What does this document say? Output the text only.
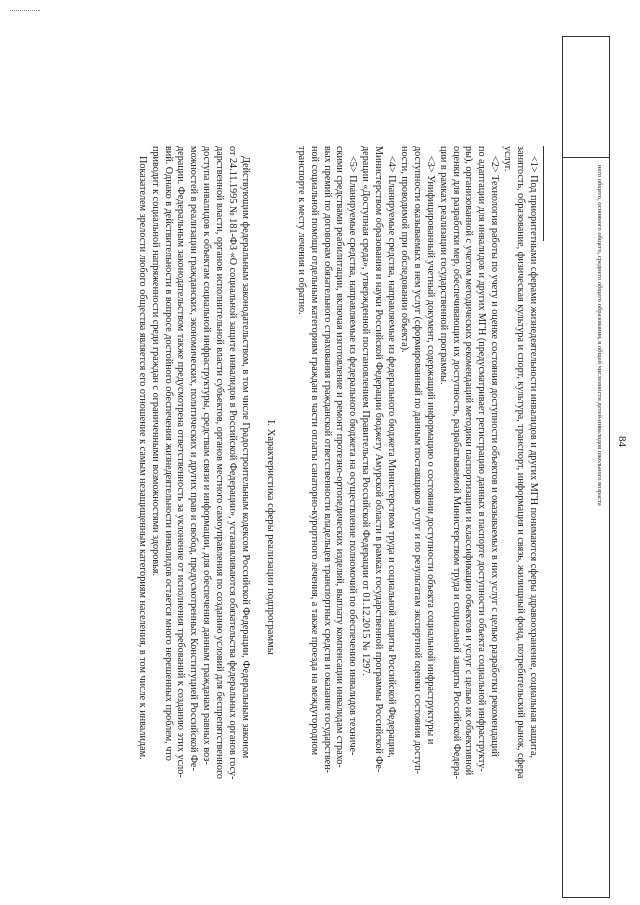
84
него общего, основного общего, среднего общего образования, в общей численности детей-инвалидов школьного возраста
<1> Под приоритетными сферами жизнедеятельности инвалидов и других МГН понимаются сферы здравоохранение, социальная защита,
занятость, образование, физическая культура и спорт, культура, транспорт, информация и связь, жилищный фонд, потребительский рынок, сфера
услуг.
<2> Технология работы по учету и оценке состояния доступности объектов и оказываемых в них услуг с целью разработки рекомендаций
по адаптации для инвалидов и других МГН (предусматривает регистрацию данных в паспорте доступности объекта социальной инфраструкту-
ры), организованной с учетом методических рекомендаций методики паспортизации и классификации объектов и услуг с целью их объективной
оценки для разработки мер, обеспечивающих их доступность, разрабатываемой Министерством труда и социальной защиты Российской Федера-
ции в рамках реализации государственной программы.
<3> Унифицированный учетный документ, содержащий информацию о состоянии доступности объекта социальной инфраструктуры и
доступности оказываемых в нем услуг (сформированный по данным поставщиков услуг и по результатам экспертной оценки состояния доступ-
ности, проводимой при обследовании объекта).
<4> Планируемые средства, направляемые из федерального бюджета Министерством труда и социальной защиты Российской Федерации,
Министерством образования и науки Российской Федерации бюджету Амурской области в рамках государственной программы Российской Фе-
дерации «Доступная среда», утвержденной постановлением Правительства Российской Федерации от 01.12.2015 № 1297.
<5> Планируемые средства, направляемые из федерального бюджета на осуществление полномочий по обеспечению инвалидов техниче-
скими средствами реабилитации, включая изготовление и ремонт протезно-ортопедических изделий, выплату компенсации инвалидам страхо-
вых премий по договорам обязательного страхования гражданской ответственности владельцев транспортных средств и оказание государствен-
ной социальной помощи отдельным категориям граждан в части оплаты санаторно-курортного лечения, а также проезда на междугородном
транспорте к месту лечения и обратно.
I. Характеристика сферы реализации подпрограммы
Действующим федеральным законодательством, в том числе Градостроительным кодексом Российской Федерации, Федеральным законом
от 24.11.1995 № 181-ФЗ «О социальной защите инвалидов в Российской Федерации», устанавливаются обязательства федеральных органов госу-
дарственной власти, органов исполнительной власти субъектов, органов местного самоуправления по созданию условий для беспрепятственного
доступа инвалидов к объектам социальной инфраструктуры, средствам связи и информации, для обеспечения данным гражданам равных воз-
можностей в реализации гражданских, экономических, политических и других прав и свобод, предусмотренных Конституцией Российской Фе-
дерации. Федеральным законодательством также предусмотрена ответственность за уклонение от исполнения требований к созданию этих усло-
вий. Однако в действительности в вопросе достойного обеспечения жизнедеятельности инвалидов остается много нерешенных проблем, что
приводит к социальной напряженности среди граждан с ограниченными возможностями здоровья.
Показателем зрелости любого общества является его отношение к самым незащищенным категориям населения, в том числе к инвалидам.
